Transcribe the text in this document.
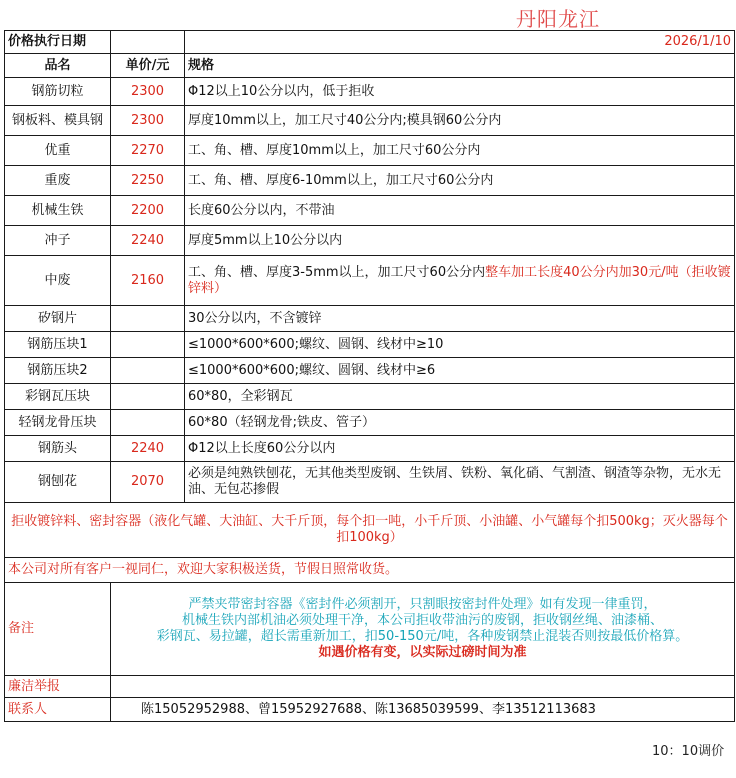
丹阳龙江
价格执行日期		2026/1/10
品名	单价/元	规格
钢筋切粒	2300	Φ12以上10公分以内，低于拒收
钢板料、模具钢	2300	厚度10mm以上，加工尺寸40公分内;模具钢60公分内
优重	2270	工、角、槽、厚度10mm以上，加工尺寸60公分内
重废	2250	工、角、槽、厚度6-10mm以上，加工尺寸60公分内
机械生铁	2200	长度60公分以内，不带油
冲子	2240	厚度5mm以上10公分以内
中废	2160	工、角、槽、厚度3-5mm以上，加工尺寸60公分内整车加工长度40公分内加30元/吨（拒收镀锌料）
矽钢片		30公分以内，不含镀锌
钢筋压块1		≤1000*600*600;螺纹、圆钢、线材中≥10
钢筋压块2		≤1000*600*600;螺纹、圆钢、线材中≥6
彩钢瓦压块		60*80，全彩钢瓦
轻钢龙骨压块		60*80（轻钢龙骨;铁皮、管子）
钢筋头	2240	Φ12以上长度60公分以内
钢刨花	2070	必须是纯熟铁刨花，无其他类型废钢、生铁屑、铁粉、氧化硝、气割渣、钢渣等杂物，无水无油、无包芯掺假
拒收镀锌料、密封容器（液化气罐、大油缸、大千斤顶，每个扣一吨，小千斤顶、小油罐、小气罐每个扣500kg；灭火器每个扣100kg）		
本公司对所有客户一视同仁，欢迎大家积极送货，节假日照常收货。		
备注	严禁夹带密封容器《密封件必须割开，只割眼按密封件处理》如有发现一律重罚，
机械生铁内部机油必须处理干净，本公司拒收带油污的废钢，拒收钢丝绳、油漆桶、
彩钢瓦、易拉罐，超长需重新加工，扣50-150元/吨，各种废钢禁止混装否则按最低价格算。
如遇价格有变，以实际过磅时间为准	

廉洁举报		
联系人	陈15052952988、曾15952927688、陈13685039599、李13512113683	
10：10调价
